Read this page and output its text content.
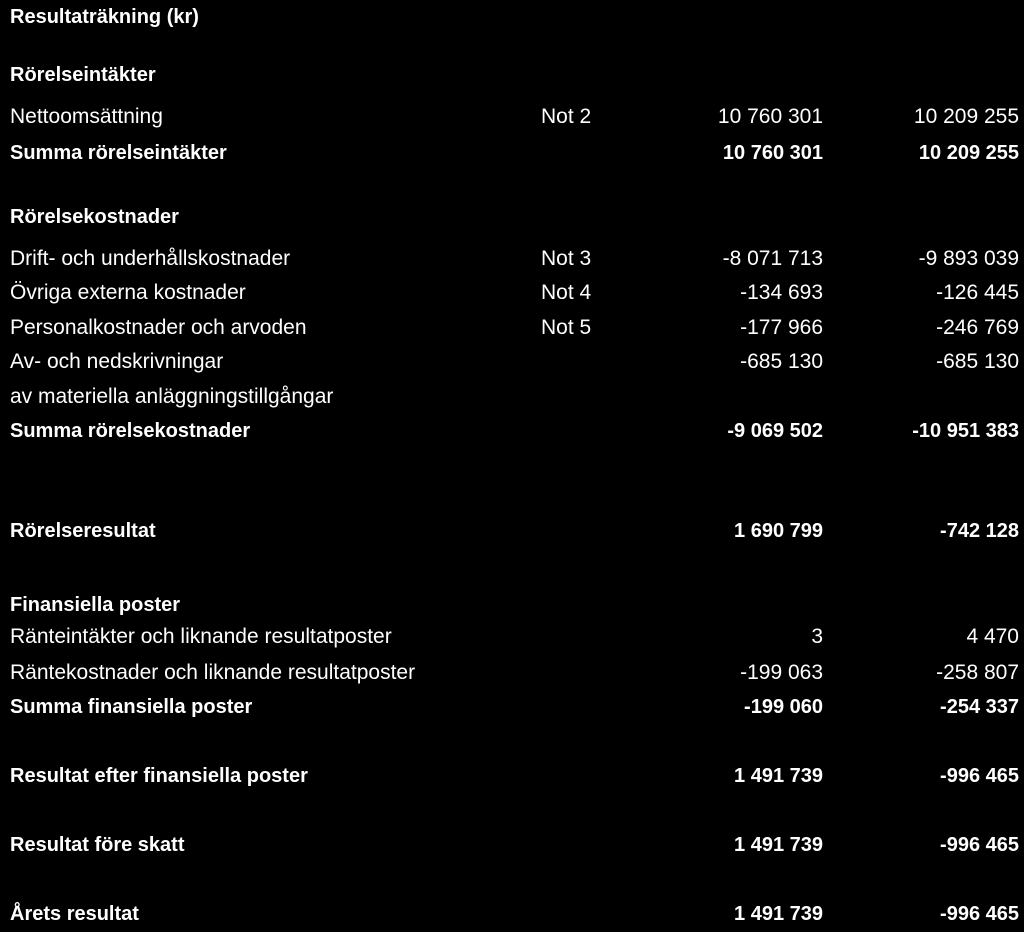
Resultaträkning (kr)
Rörelseintäkter
Nettoomsättning	Not 2	10 760 301	10 209 255
Summa rörelseintäkter	10 760 301	10 209 255
Rörelsekostnader
Drift- och underhållskostnader	Not 3	-8 071 713	-9 893 039
Övriga externa kostnader	Not 4	-134 693	-126 445
Personalkostnader och arvoden	Not 5	-177 966	-246 769
Av- och nedskrivningar	-685 130	-685 130
av materiella anläggningstillgångar
Summa rörelsekostnader	-9 069 502	-10 951 383
Rörelseresultat	1 690 799	-742 128
Finansiella poster
Ränteintäkter och liknande resultatposter	3	4 470
Räntekostnader och liknande resultatposter	-199 063	-258 807
Summa finansiella poster	-199 060	-254 337
Resultat efter finansiella poster	1 491 739	-996 465
Resultat före skatt	1 491 739	-996 465
Årets resultat	1 491 739	-996 465
